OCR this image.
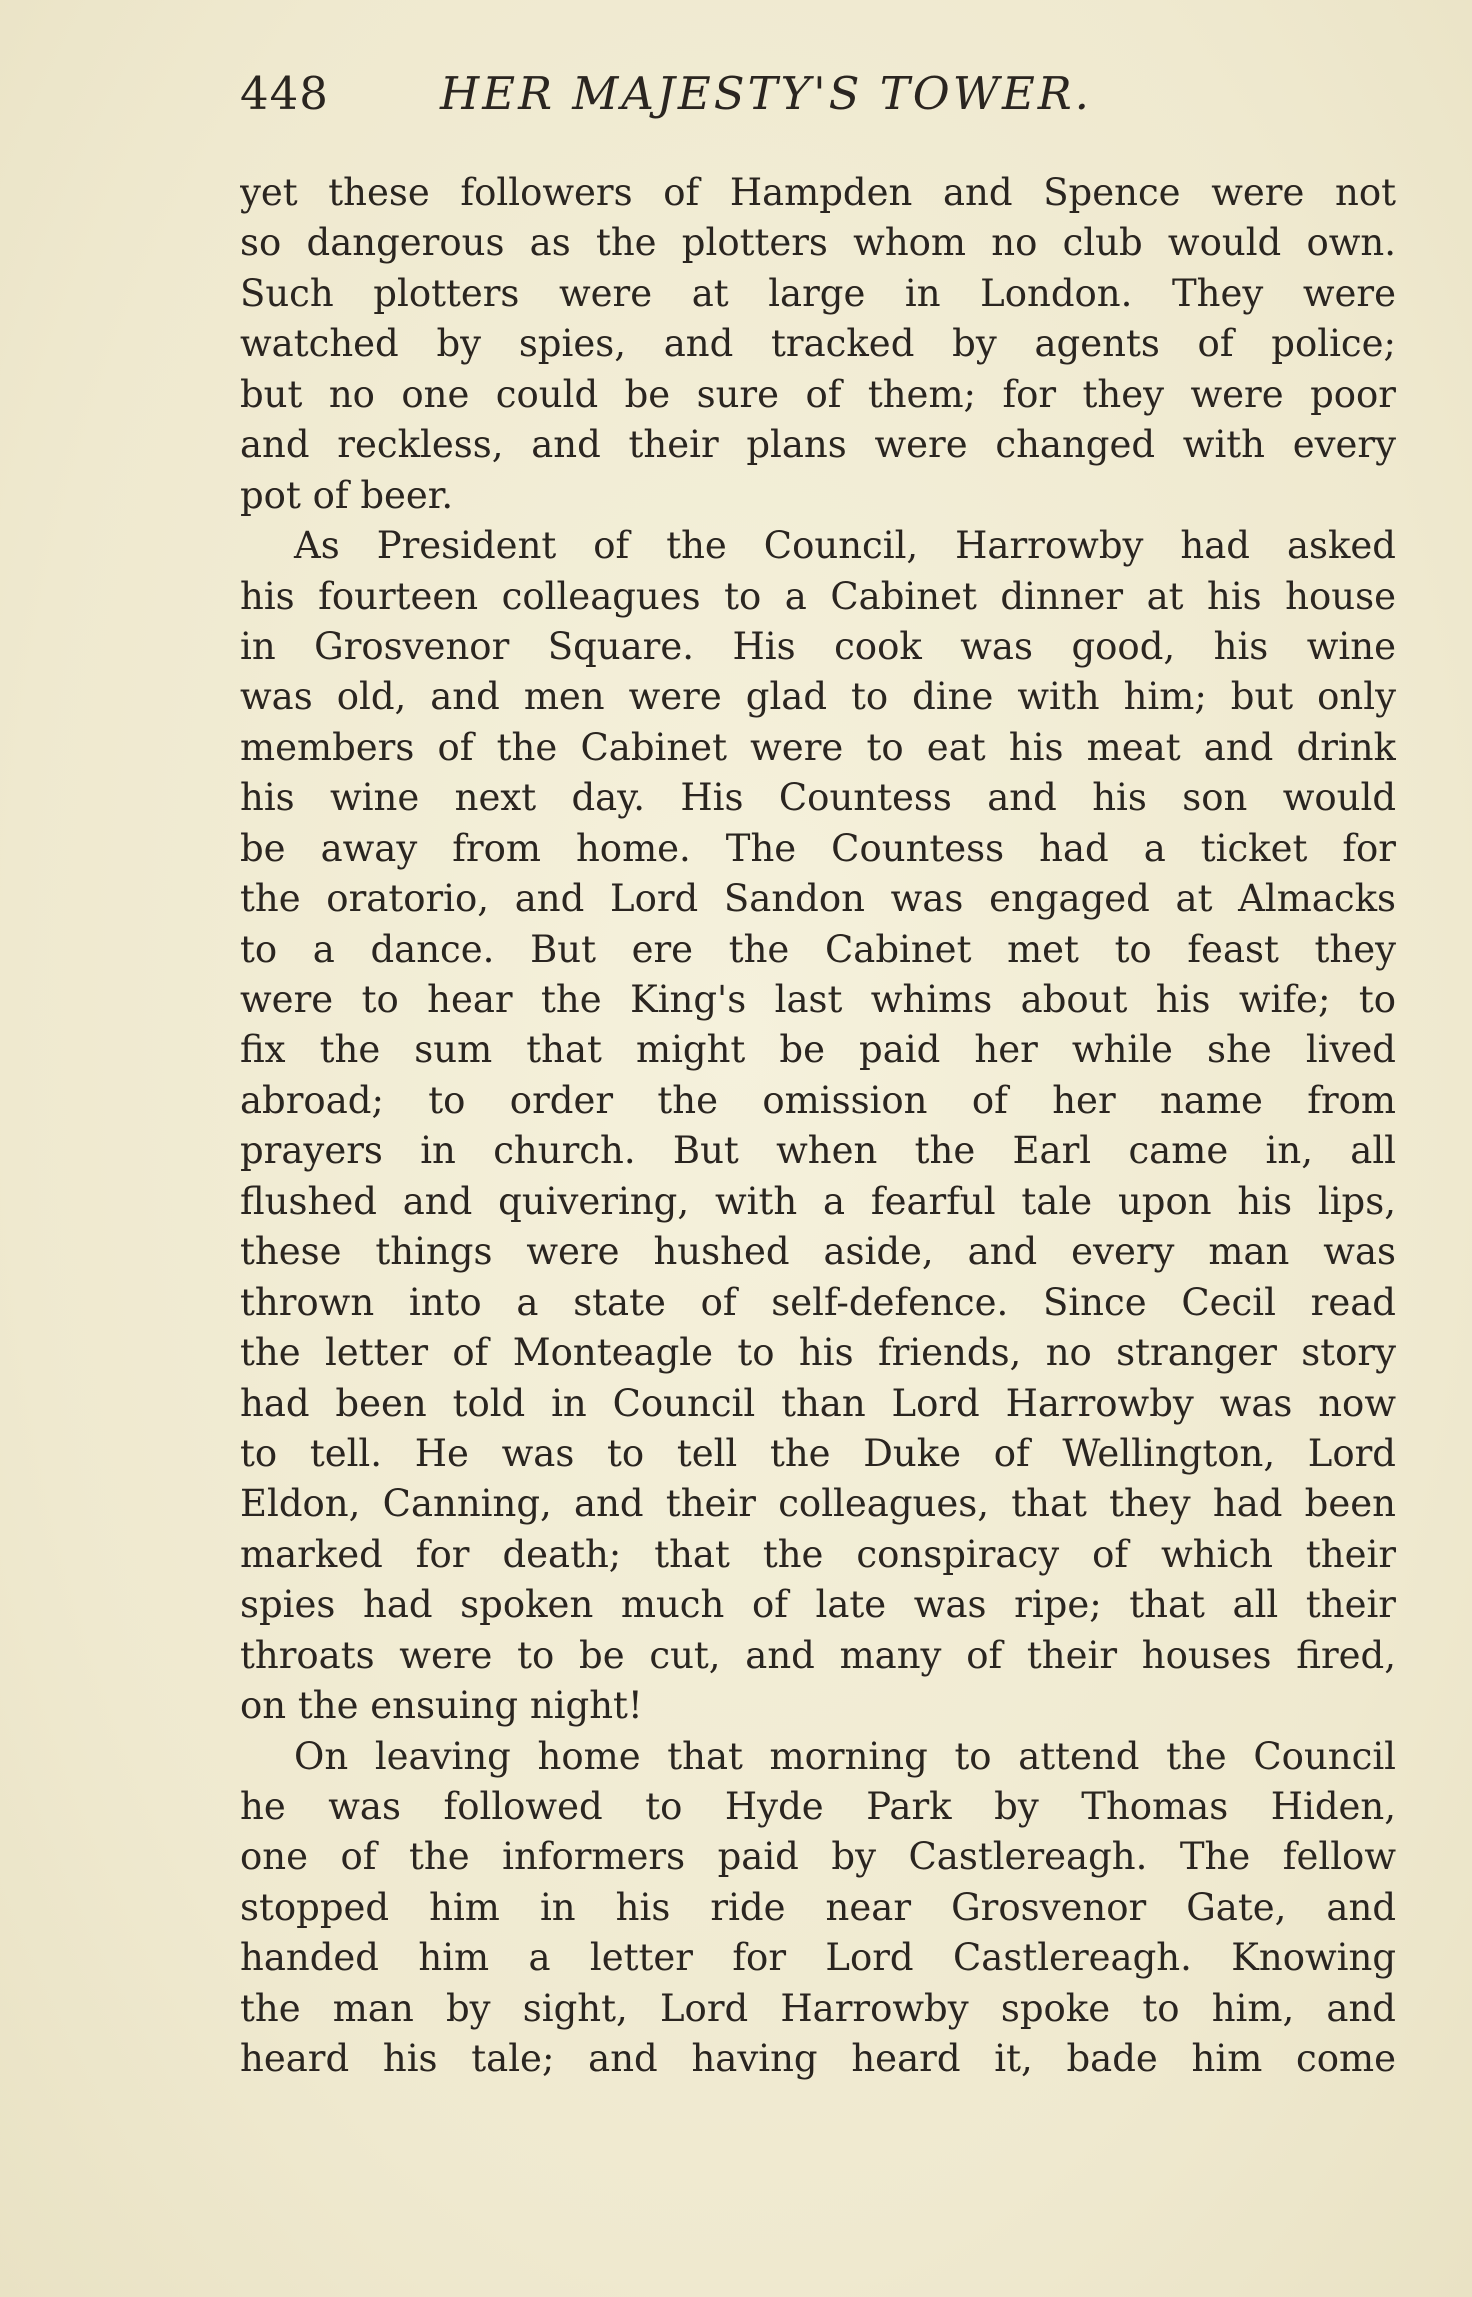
448 HER MAJESTY'S TOWER.
yet these followers of Hampden and Spence were not
so dangerous as the plotters whom no club would own.
Such plotters were at large in London. They were
watched by spies, and tracked by agents of police;
but no one could be sure of them; for they were poor
and reckless, and their plans were changed with every
pot of beer.
As President of the Council, Harrowby had asked
his fourteen colleagues to a Cabinet dinner at his house
in Grosvenor Square. His cook was good, his wine
was old, and men were glad to dine with him; but only
members of the Cabinet were to eat his meat and drink
his wine next day. His Countess and his son would
be away from home. The Countess had a ticket for
the oratorio, and Lord Sandon was engaged at Almacks
to a dance. But ere the Cabinet met to feast they
were to hear the King's last whims about his wife; to
fix the sum that might be paid her while she lived
abroad; to order the omission of her name from
prayers in church. But when the Earl came in, all
flushed and quivering, with a fearful tale upon his lips,
these things were hushed aside, and every man was
thrown into a state of self-defence. Since Cecil read
the letter of Monteagle to his friends, no stranger story
had been told in Council than Lord Harrowby was now
to tell. He was to tell the Duke of Wellington, Lord
Eldon, Canning, and their colleagues, that they had been
marked for death; that the conspiracy of which their
spies had spoken much of late was ripe; that all their
throats were to be cut, and many of their houses fired,
on the ensuing night!
On leaving home that morning to attend the Council
he was followed to Hyde Park by Thomas Hiden,
one of the informers paid by Castlereagh. The fellow
stopped him in his ride near Grosvenor Gate, and
handed him a letter for Lord Castlereagh. Knowing
the man by sight, Lord Harrowby spoke to him, and
heard his tale; and having heard it, bade him come
